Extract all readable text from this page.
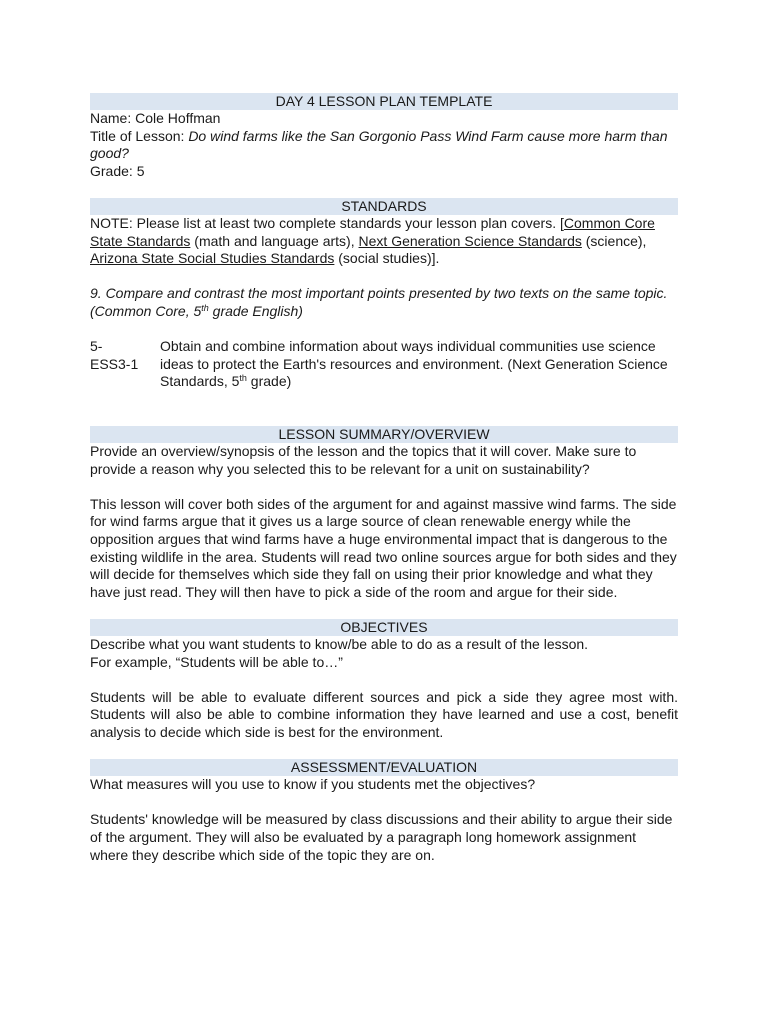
DAY 4 LESSON PLAN TEMPLATE

Name: Cole Hoffman

Title of Lesson: Do wind farms like the San Gorgonio Pass Wind Farm cause more harm than good?

Grade: 5

STANDARDS

NOTE: Please list at least two complete standards your lesson plan covers. [Common Core State Standards (math and language arts), Next Generation Science Standards (science), Arizona State Social Studies Standards (social studies)].

9. Compare and contrast the most important points presented by two texts on the same topic. (Common Core, 5th grade English)

5-
ESS3-1
Obtain and combine information about ways individual communities use science ideas to protect the Earth's resources and environment. (Next Generation Science Standards, 5th grade)
LESSON SUMMARY/OVERVIEW

Provide an overview/synopsis of the lesson and the topics that it will cover. Make sure to provide a reason why you selected this to be relevant for a unit on sustainability?

This lesson will cover both sides of the argument for and against massive wind farms. The side for wind farms argue that it gives us a large source of clean renewable energy while the opposition argues that wind farms have a huge environmental impact that is dangerous to the existing wildlife in the area. Students will read two online sources argue for both sides and they will decide for themselves which side they fall on using their prior knowledge and what they have just read. They will then have to pick a side of the room and argue for their side.

OBJECTIVES

Describe what you want students to know/be able to do as a result of the lesson.

For example, “Students will be able to…”

Students will be able to evaluate different sources and pick a side they agree most with. Students will also be able to combine information they have learned and use a cost, benefit analysis to decide which side is best for the environment.

ASSESSMENT/EVALUATION

What measures will you use to know if you students met the objectives?

Students' knowledge will be measured by class discussions and their ability to argue their side of the argument. They will also be evaluated by a paragraph long homework assignment where they describe which side of the topic they are on.
